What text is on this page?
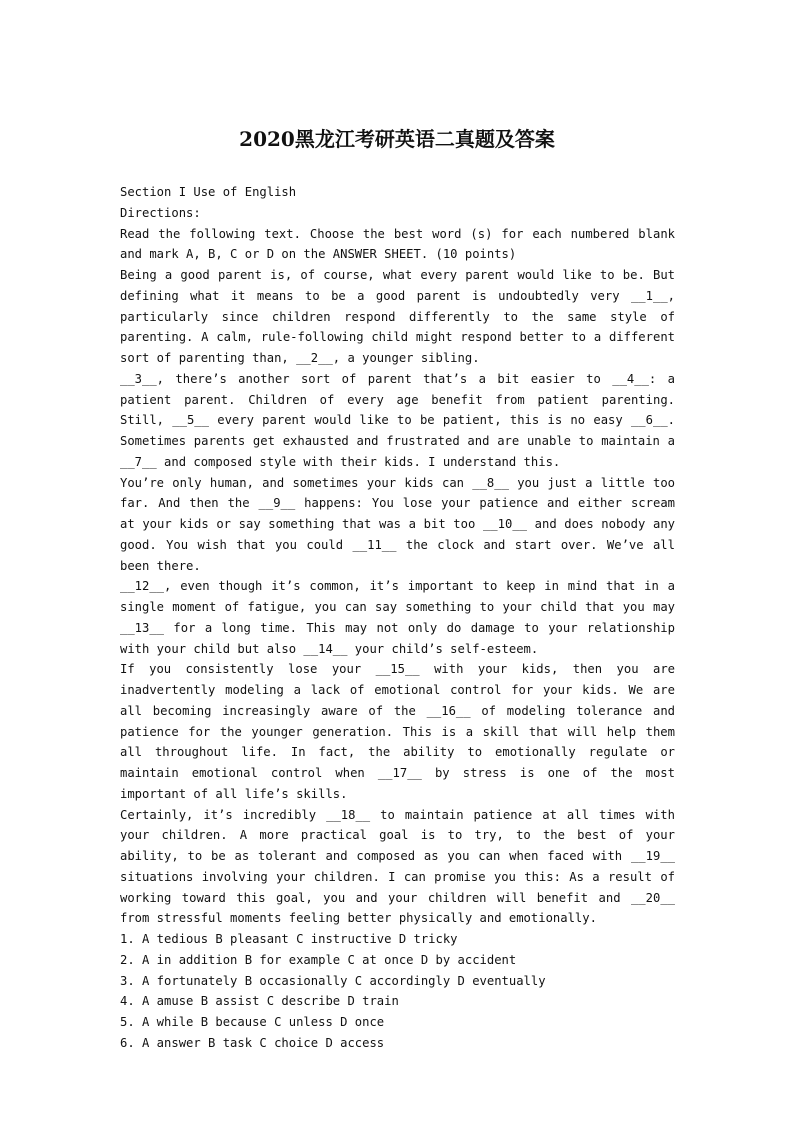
2020黑龙江考研英语二真题及答案

Section I Use of English

Directions:

Read the following text. Choose the best word (s) for each numbered blank and mark A, B, C or D on the ANSWER SHEET. (10 points)

Being a good parent is, of course, what every parent would like to be. But defining what it means to be a good parent is undoubtedly very __1__, particularly since children respond differently to the same style of parenting. A calm, rule-following child might respond better to a different sort of parenting than, __2__, a younger sibling.

__3__, there’s another sort of parent that’s a bit easier to __4__: a patient parent. Children of every age benefit from patient parenting. Still, __5__ every parent would like to be patient, this is no easy __6__. Sometimes parents get exhausted and frustrated and are unable to maintain a __7__ and composed style with their kids. I understand this.

You’re only human, and sometimes your kids can __8__ you just a little too far. And then the __9__ happens: You lose your patience and either scream at your kids or say something that was a bit too __10__ and does nobody any good. You wish that you could __11__ the clock and start over. We’ve all been there.

__12__, even though it’s common, it’s important to keep in mind that in a single moment of fatigue, you can say something to your child that you may __13__ for a long time. This may not only do damage to your relationship with your child but also __14__ your child’s self-esteem.

If you consistently lose your __15__ with your kids, then you are inadvertently modeling a lack of emotional control for your kids. We are all becoming increasingly aware of the __16__ of modeling tolerance and patience for the younger generation. This is a skill that will help them all throughout life. In fact, the ability to emotionally regulate or maintain emotional control when __17__ by stress is one of the most important of all life’s skills.

Certainly, it’s incredibly __18__ to maintain patience at all times with your children. A more practical goal is to try, to the best of your ability, to be as tolerant and composed as you can when faced with __19__ situations involving your children. I can promise you this: As a result of working toward this goal, you and your children will benefit and __20__ from stressful moments feeling better physically and emotionally.

1. A tedious B pleasant C instructive D tricky
2. A in addition B for example C at once D by accident
3. A fortunately B occasionally C accordingly D eventually
4. A amuse B assist C describe D train
5. A while B because C unless D once
6. A answer B task C choice D access
